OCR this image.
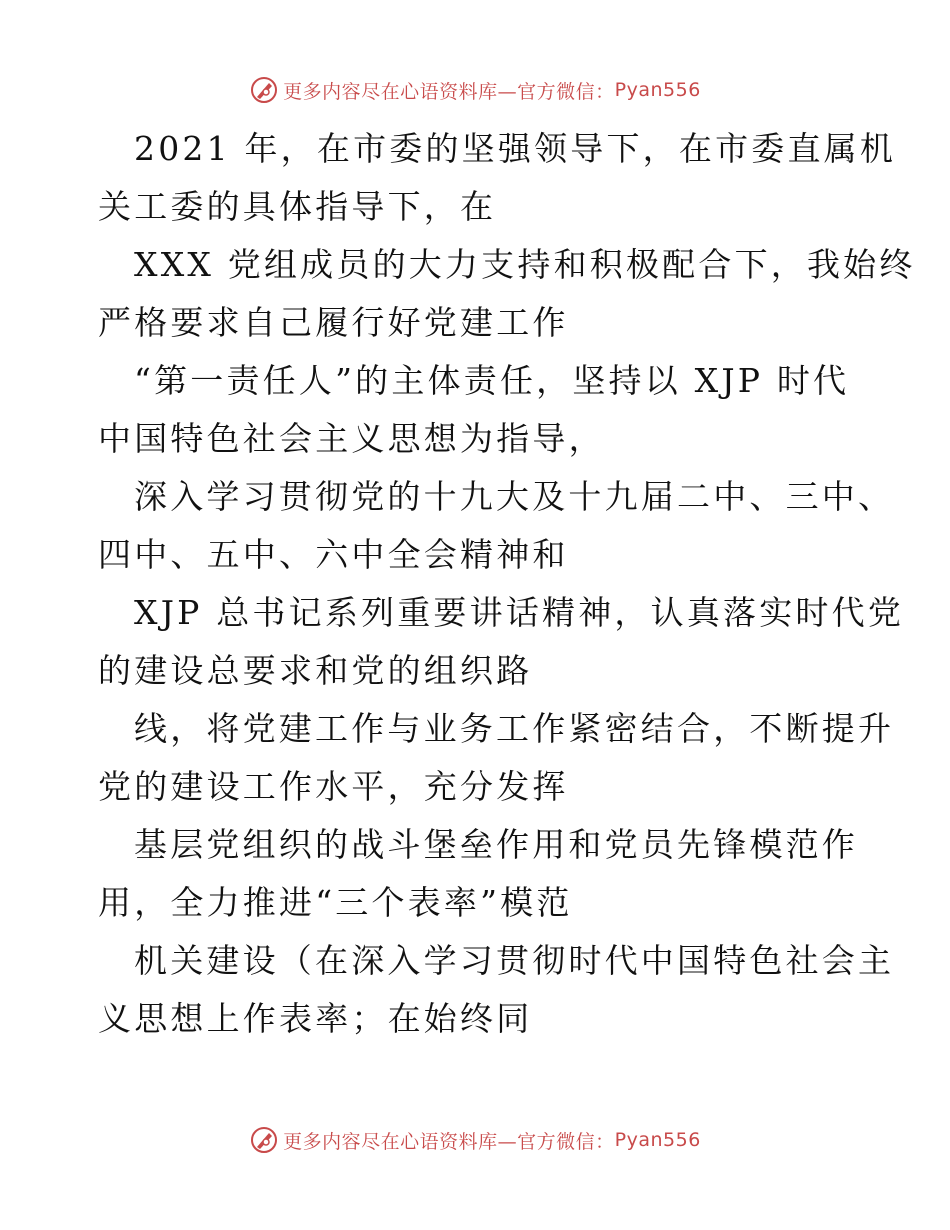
更多内容尽在心语资料库—官方微信： Pyan556
2021 年，在市委的坚强领导下，在市委直属机
关工委的具体指导下，在
XXX 党组成员的大力支持和积极配合下，我始终
严格要求自己履行好党建工作
“第一责任人”的主体责任，坚持以 XJP 时代
中国特色社会主义思想为指导，
深入学习贯彻党的十九大及十九届二中、三中、
四中、五中、六中全会精神和
XJP 总书记系列重要讲话精神，认真落实时代党
的建设总要求和党的组织路
线，将党建工作与业务工作紧密结合，不断提升
党的建设工作水平，充分发挥
基层党组织的战斗堡垒作用和党员先锋模范作
用，全力推进“三个表率”模范
机关建设（在深入学习贯彻时代中国特色社会主
义思想上作表率；在始终同
更多内容尽在心语资料库—官方微信： Pyan556
